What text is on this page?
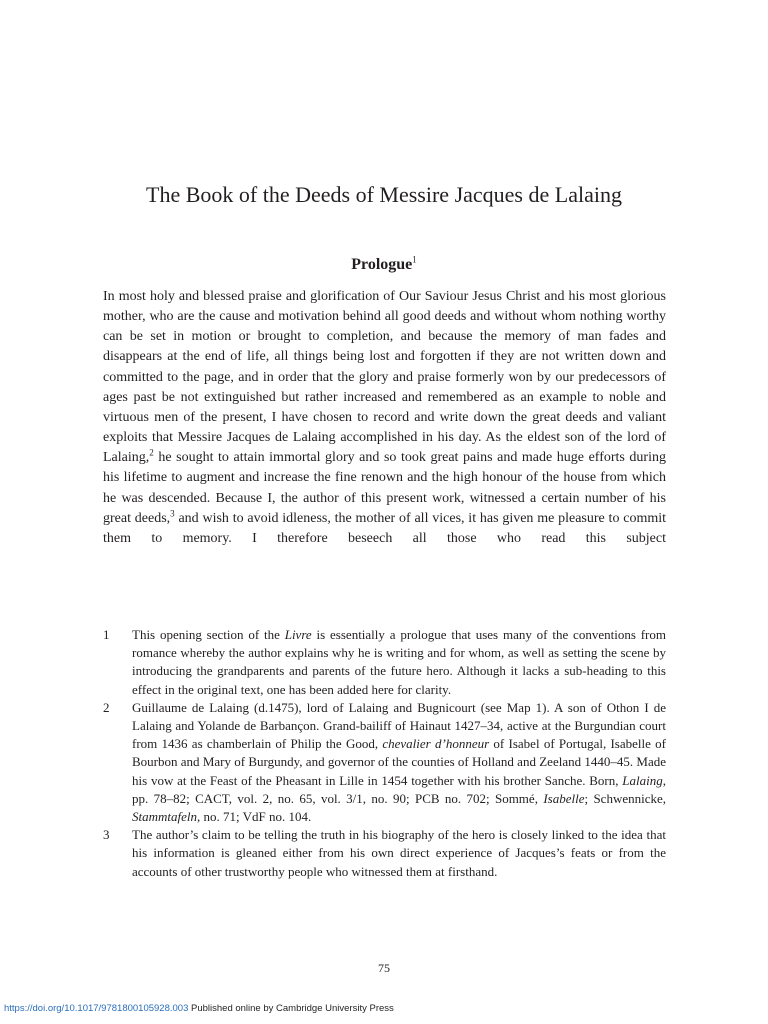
The Book of the Deeds of Messire Jacques de Lalaing
Prologue$^1$

In most holy and blessed praise and glorification of Our Saviour Jesus Christ and his most glorious mother, who are the cause and motivation behind all good deeds and without whom nothing worthy can be set in motion or brought to completion, and because the memory of man fades and disappears at the end of life, all things being lost and forgotten if they are not written down and committed to the page, and in order that the glory and praise formerly won by our predecessors of ages past be not extinguished but rather increased and remembered as an example to noble and virtuous men of the present, I have chosen to record and write down the great deeds and valiant exploits that Messire Jacques de Lalaing accomplished in his day. As the eldest son of the lord of Lalaing,$^2$ he sought to attain immortal glory and so took great pains and made huge efforts during his lifetime to augment and increase the fine renown and the high honour of the house from which he was descended. Because I, the author of this present work, witnessed a certain number of his great deeds,$^3$ and wish to avoid idleness, the mother of all vices, it has given me pleasure to commit them to memory. I therefore beseech all those who read this subject

1 This opening section of the Livre is essentially a prologue that uses many of the conventions from romance whereby the author explains why he is writing and for whom, as well as setting the scene by introducing the grandparents and parents of the future hero. Although it lacks a sub-heading to this effect in the original text, one has been added here for clarity.
2 Guillaume de Lalaing (d.1475), lord of Lalaing and Bugnicourt (see Map 1). A son of Othon I de Lalaing and Yolande de Barbançon. Grand-bailiff of Hainaut 1427–34, active at the Burgundian court from 1436 as chamberlain of Philip the Good, chevalier d’honneur of Isabel of Portugal, Isabelle of Bourbon and Mary of Burgundy, and governor of the counties of Holland and Zeeland 1440–45. Made his vow at the Feast of the Pheasant in Lille in 1454 together with his brother Sanche. Born, Lalaing, pp. 78–82; CACT, vol. 2, no. 65, vol. 3/1, no. 90; PCB no. 702; Sommé, Isabelle; Schwennicke, Stammtafeln, no. 71; VdF no. 104.
3 The author’s claim to be telling the truth in his biography of the hero is closely linked to the idea that his information is gleaned either from his own direct experience of Jacques’s feats or from the accounts of other trustworthy people who witnessed them at firsthand.
75
https://doi.org/10.1017/9781800105928.003 Published online by Cambridge University Press
